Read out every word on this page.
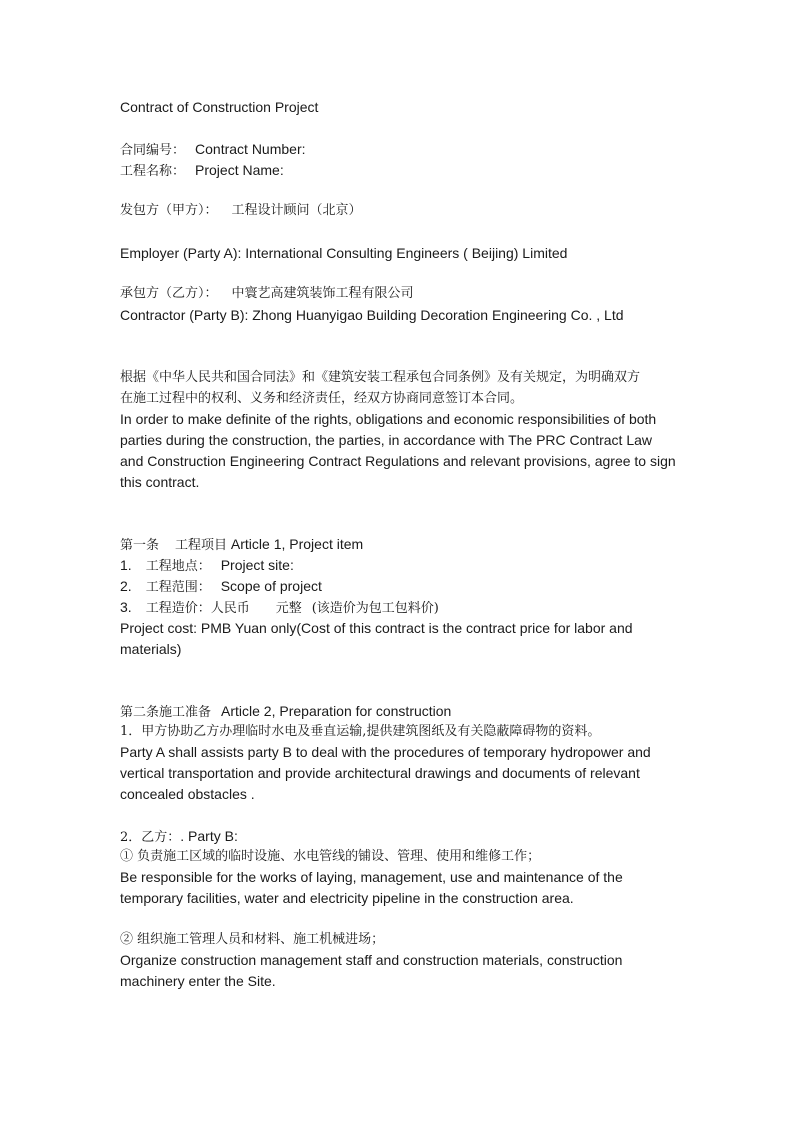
Contract of Construction Project
合同编号： Contract Number:
工程名称： Project Name:
发包方（甲方）： 工程设计顾问（北京）
Employer (Party A): International Consulting Engineers ( Beijing) Limited
承包方（乙方）： 中寰艺高建筑装饰工程有限公司
Contractor (Party B): Zhong Huanyigao Building Decoration Engineering Co. , Ltd
根据《中华人民共和国合同法》和《建筑安装工程承包合同条例》及有关规定，为明确双方
在施工过程中的权利、义务和经济责任，经双方协商同意签订本合同。
In order to make definite of the rights, obligations and economic responsibilities of both
parties during the construction, the parties, in accordance with The PRC Contract Law
and Construction Engineering Contract Regulations and relevant provisions, agree to sign
this contract.
第一条 工程项目 Article 1, Project item
1. 工程地点： Project site:
2. 工程范围： Scope of project
3. 工程造价：人民币 元整 (该造价为包工包料价)
Project cost: PMB Yuan only(Cost of this contract is the contract price for labor and
materials)
第二条施工准备 Article 2, Preparation for construction
1．甲方协助乙方办理临时水电及垂直运输,提供建筑图纸及有关隐蔽障碍物的资料。
Party A shall assists party B to deal with the procedures of temporary hydropower and
vertical transportation and provide architectural drawings and documents of relevant
concealed obstacles .
2．乙方：. Party B:
① 负责施工区域的临时设施、水电管线的铺设、管理、使用和维修工作；
Be responsible for the works of laying, management, use and maintenance of the
temporary facilities, water and electricity pipeline in the construction area.
② 组织施工管理人员和材料、施工机械进场；
Organize construction management staff and construction materials, construction
machinery enter the Site.
